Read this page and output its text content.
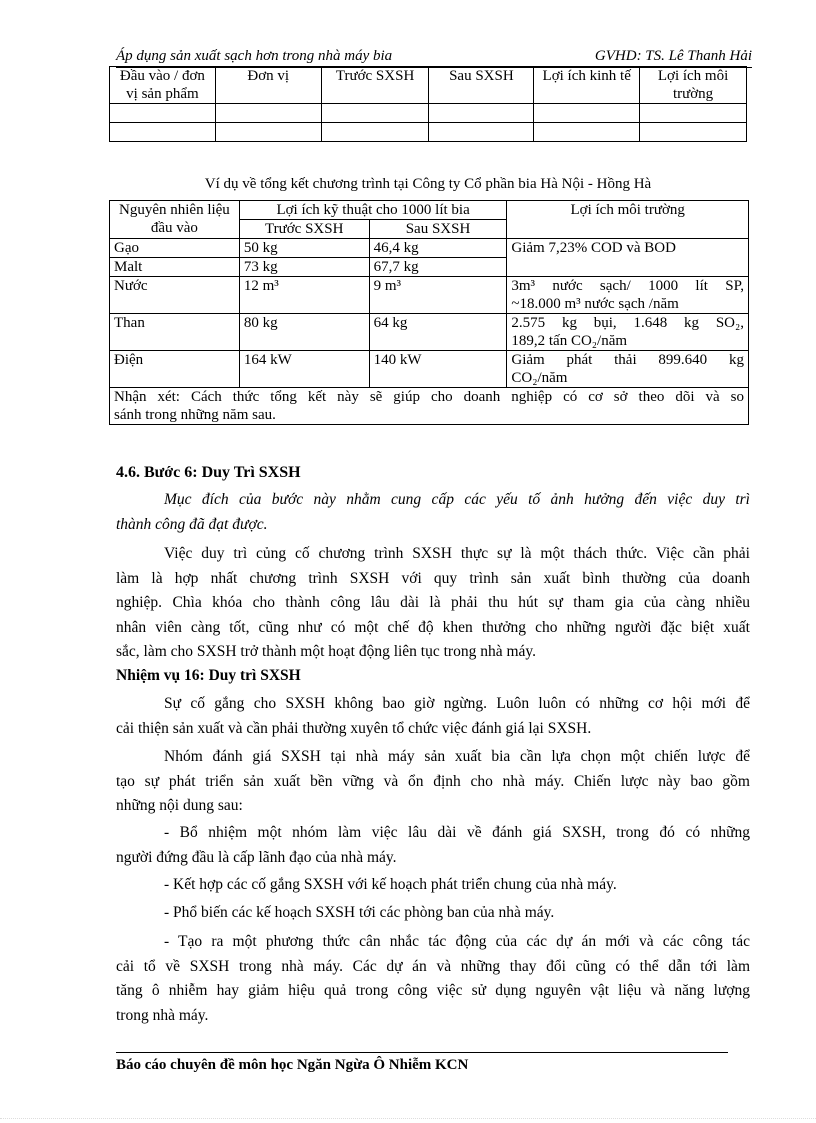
Áp dụng sản xuất sạch hơn trong nhà máy bia	GVHD: TS. Lê Thanh Hải
Đầu vào / đơn vị sản phẩm	Đơn vị	Trước SXSH	Sau SXSH	Lợi ích kinh tế	Lợi ích môi trường

Ví dụ về tổng kết chương trình tại Công ty Cổ phần bia Hà Nội - Hồng Hà
Nguyên nhiên liệu đầu vào	Lợi ích kỹ thuật cho 1000 lít bia		Lợi ích môi trường
	Trước SXSH	Sau SXSH	
Gạo	50 kg	46,4 kg	Giảm 7,23% COD và BOD
Malt	73 kg	67,7 kg	
Nước	12 m³	9 m³	3m³ nước sạch/ 1000 lít SP,
~18.000 m³ nước sạch /năm

Than	80 kg	64 kg	2.575 kg bụi, 1.648 kg SO₂,
189,2 tấn CO₂/năm

Điện	164 kW	140 kW	Giảm phát thải 899.640 kg
CO₂/năm

Nhận xét: Cách thức tổng kết này sẽ giúp cho doanh nghiệp có cơ sở theo dõi và so
sánh trong những năm sau.			
4.6. Bước 6: Duy Trì SXSH
Mục đích của bước này nhằm cung cấp các yếu tố ảnh hưởng đến việc duy trì
thành công đã đạt được.
Việc duy trì củng cố chương trình SXSH thực sự là một thách thức. Việc cần phải
làm là hợp nhất chương trình SXSH với quy trình sản xuất bình thường của doanh
nghiệp. Chìa khóa cho thành công lâu dài là phải thu hút sự tham gia của càng nhiều
nhân viên càng tốt, cũng như có một chế độ khen thưởng cho những người đặc biệt xuất
sắc, làm cho SXSH trở thành một hoạt động liên tục trong nhà máy.
Nhiệm vụ 16: Duy trì SXSH
Sự cố gắng cho SXSH không bao giờ ngừng. Luôn luôn có những cơ hội mới để
cải thiện sản xuất và cần phải thường xuyên tổ chức việc đánh giá lại SXSH.
Nhóm đánh giá SXSH tại nhà máy sản xuất bia cần lựa chọn một chiến lược để
tạo sự phát triển sản xuất bền vững và ổn định cho nhà máy. Chiến lược này bao gồm
những nội dung sau:
- Bổ nhiệm một nhóm làm việc lâu dài về đánh giá SXSH, trong đó có những
người đứng đầu là cấp lãnh đạo của nhà máy.
- Kết hợp các cố gắng SXSH với kế hoạch phát triển chung của nhà máy.
- Phổ biến các kế hoạch SXSH tới các phòng ban của nhà máy.
- Tạo ra một phương thức cân nhắc tác động của các dự án mới và các công tác
cải tổ về SXSH trong nhà máy. Các dự án và những thay đổi cũng có thể dẫn tới làm
tăng ô nhiễm hay giảm hiệu quả trong công việc sử dụng nguyên vật liệu và năng lượng
trong nhà máy.
Báo cáo chuyên đề môn học Ngăn Ngừa Ô Nhiễm KCN
